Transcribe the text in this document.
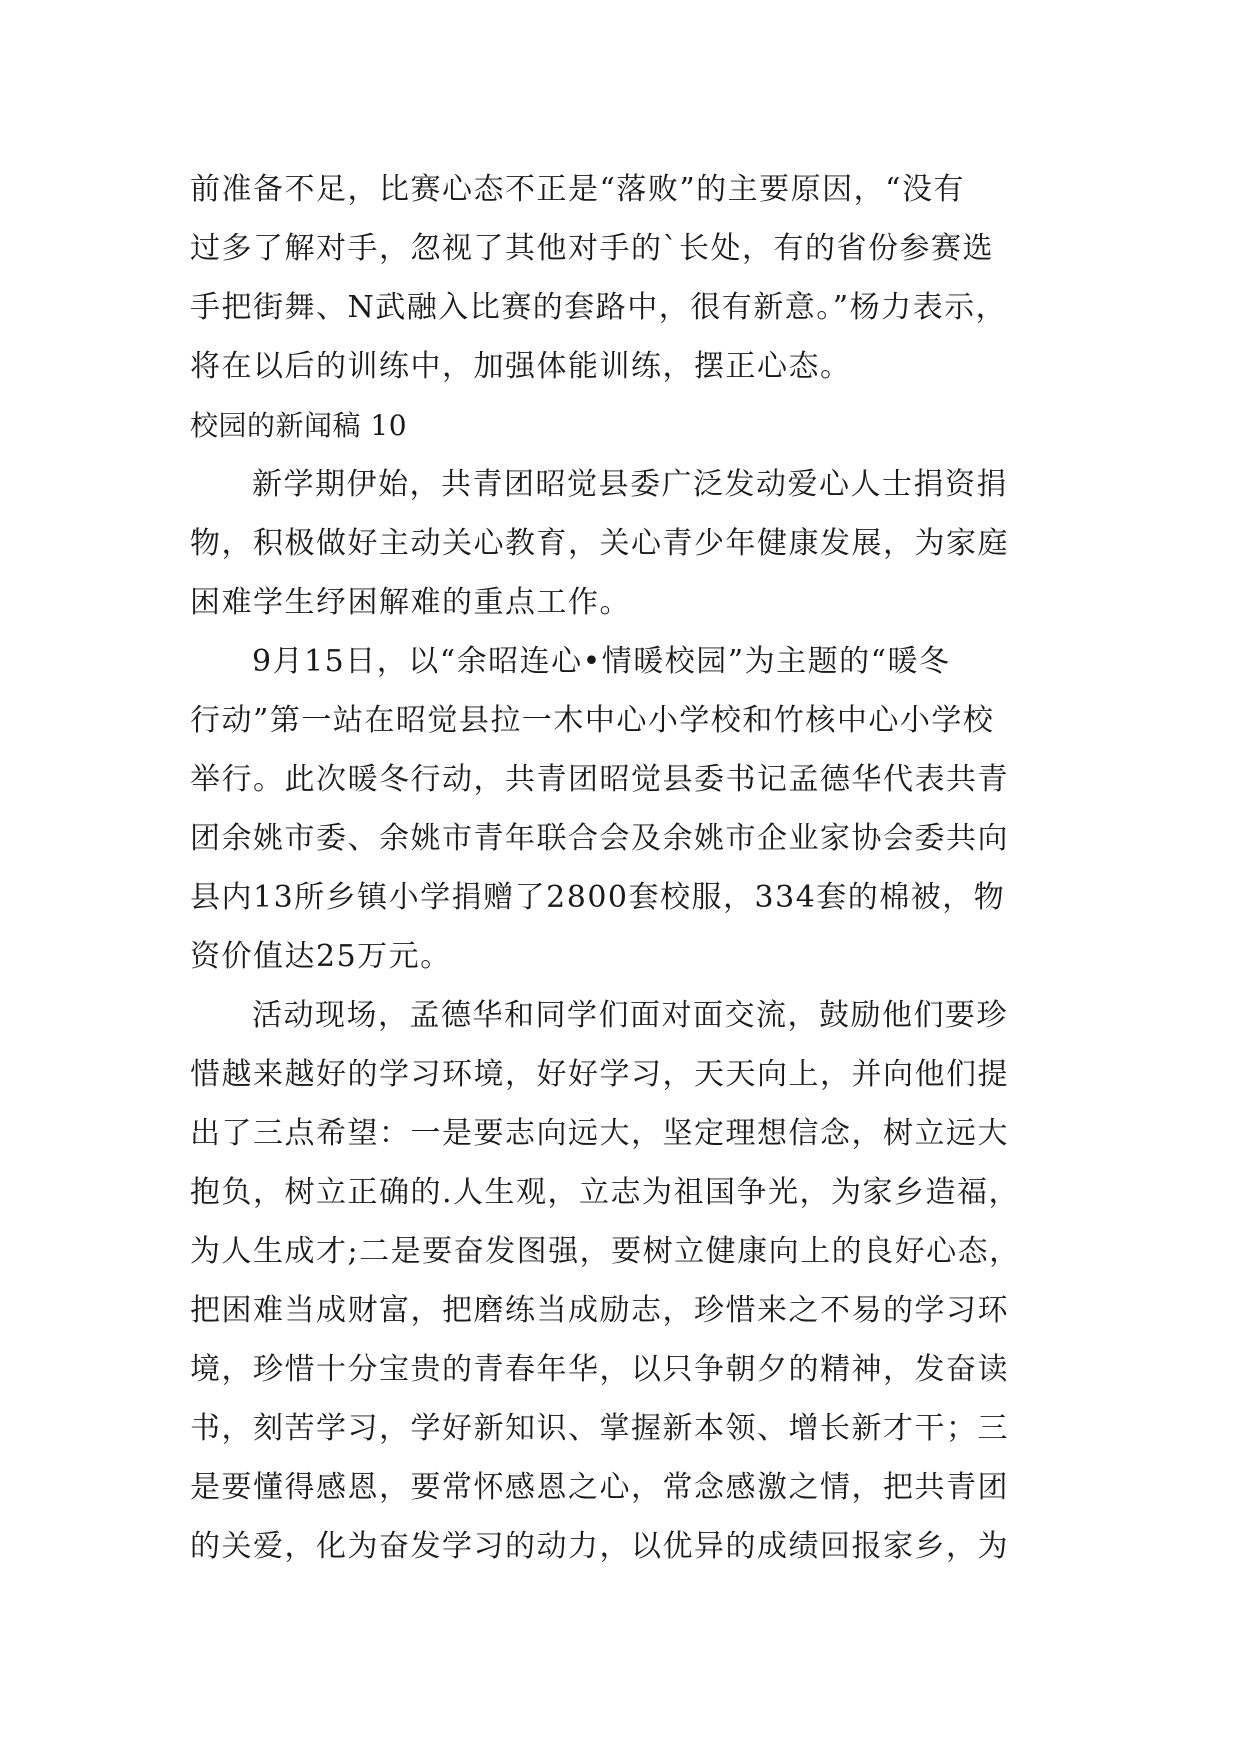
前准备不足，比赛心态不正是“落败”的主要原因，“没有
过多了解对手，忽视了其他对手的`长处，有的省份参赛选
手把街舞、N武融入比赛的套路中，很有新意。”杨力表示，
将在以后的训练中，加强体能训练，摆正心态。
校园的新闻稿 10
新学期伊始，共青团昭觉县委广泛发动爱心人士捐资捐
物，积极做好主动关心教育，关心青少年健康发展，为家庭
困难学生纾困解难的重点工作。
9月15日，以“余昭连心•情暖校园”为主题的“暖冬
行动”第一站在昭觉县拉一木中心小学校和竹核中心小学校
举行。此次暖冬行动，共青团昭觉县委书记孟德华代表共青
团余姚市委、余姚市青年联合会及余姚市企业家协会委共向
县内13所乡镇小学捐赠了2800套校服，334套的棉被，物
资价值达25万元。
活动现场，孟德华和同学们面对面交流，鼓励他们要珍
惜越来越好的学习环境，好好学习，天天向上，并向他们提
出了三点希望：一是要志向远大，坚定理想信念，树立远大
抱负，树立正确的.人生观，立志为祖国争光，为家乡造福，
为人生成才;二是要奋发图强，要树立健康向上的良好心态，
把困难当成财富，把磨练当成励志，珍惜来之不易的学习环
境，珍惜十分宝贵的青春年华，以只争朝夕的精神，发奋读
书，刻苦学习，学好新知识、掌握新本领、增长新才干；三
是要懂得感恩，要常怀感恩之心，常念感激之情，把共青团
的关爱，化为奋发学习的动力，以优异的成绩回报家乡，为
